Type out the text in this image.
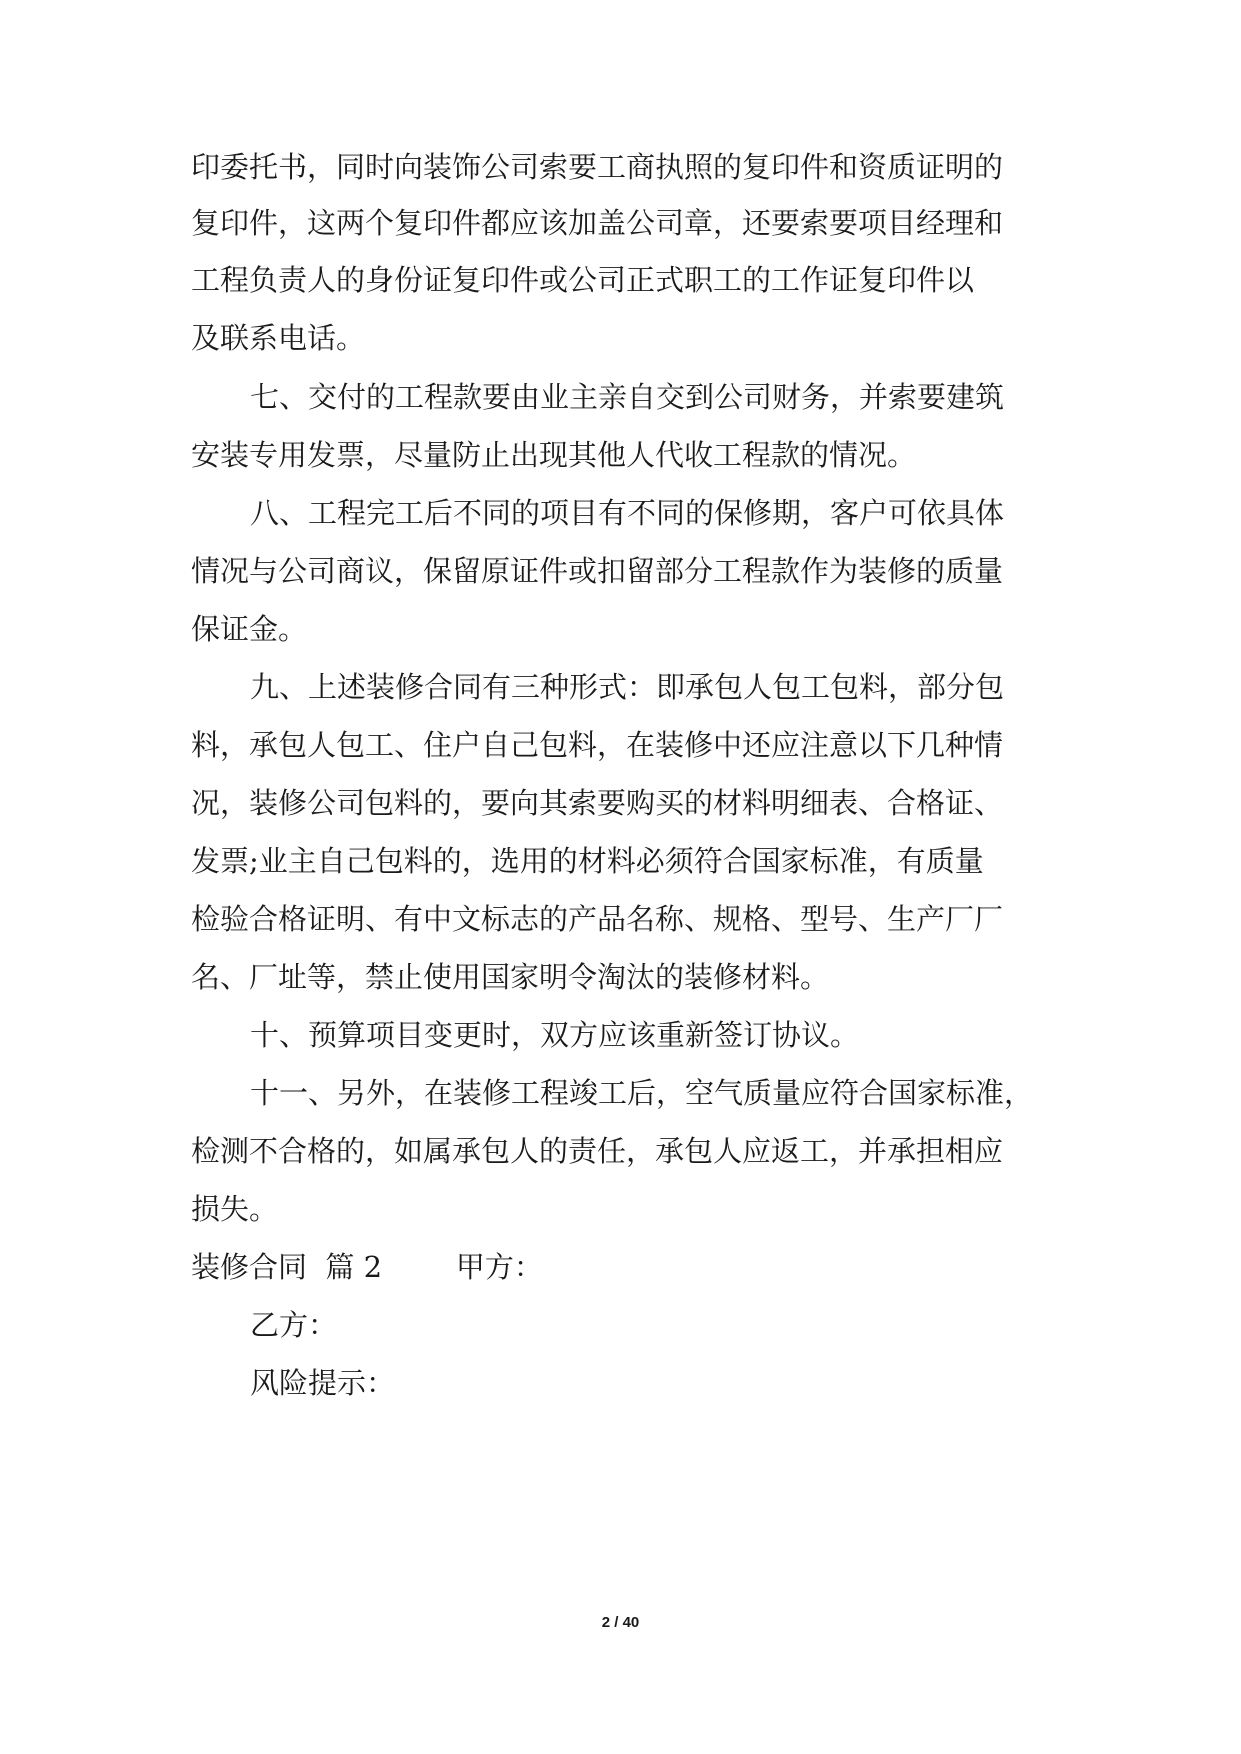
印委托书，同时向装饰公司索要工商执照的复印件和资质证明的

复印件，这两个复印件都应该加盖公司章，还要索要项目经理和

工程负责人的身份证复印件或公司正式职工的工作证复印件以

及联系电话。

七、交付的工程款要由业主亲自交到公司财务，并索要建筑

安装专用发票，尽量防止出现其他人代收工程款的情况。

八、工程完工后不同的项目有不同的保修期，客户可依具体

情况与公司商议，保留原证件或扣留部分工程款作为装修的质量

保证金。

九、上述装修合同有三种形式：即承包人包工包料，部分包

料，承包人包工、住户自己包料，在装修中还应注意以下几种情

况，装修公司包料的，要向其索要购买的材料明细表、合格证、

发票;业主自己包料的，选用的材料必须符合国家标准，有质量

检验合格证明、有中文标志的产品名称、规格、型号、生产厂厂

名、厂址等，禁止使用国家明令淘汰的装修材料。

十、预算项目变更时，双方应该重新签订协议。

十一、另外，在装修工程竣工后，空气质量应符合国家标准，

检测不合格的，如属承包人的责任，承包人应返工，并承担相应

损失。

装修合同  篇 2        甲方：

乙方：

风险提示：

2 / 40
